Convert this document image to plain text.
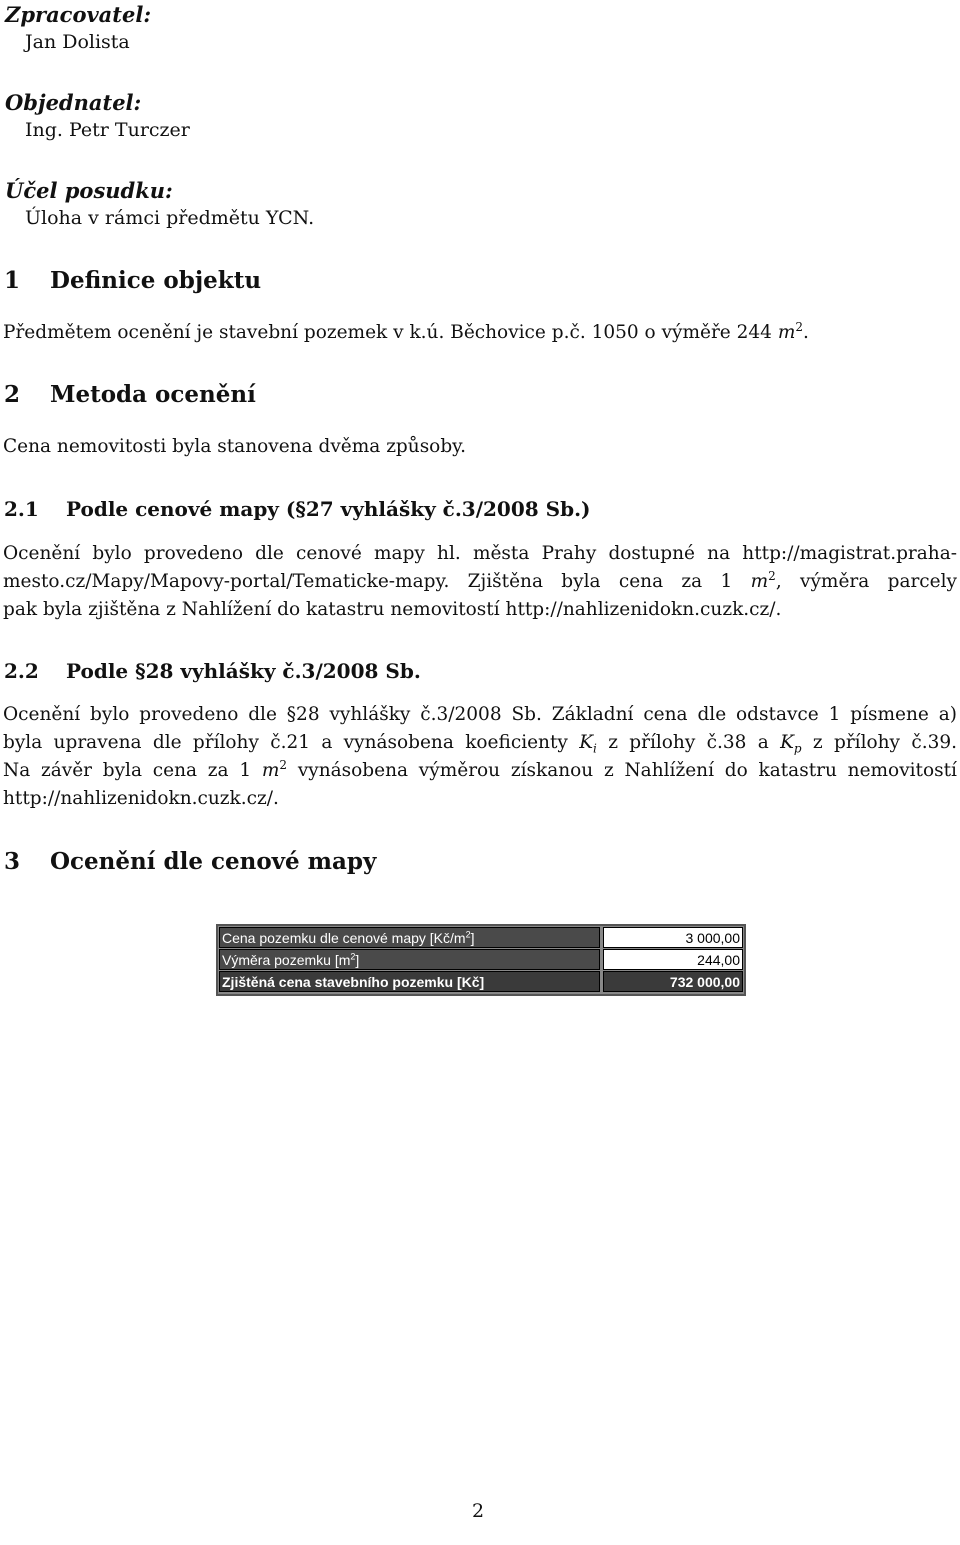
Zpracovatel:
Jan Dolista
Objednatel:
Ing. Petr Turczer
Účel posudku:
Úloha v rámci předmětu YCN.
1 Definice objektu
Předmětem ocenění je stavební pozemek v k.ú. Běchovice p.č. 1050 o výměře 244 $m^2$.
2 Metoda ocenění
Cena nemovitosti byla stanovena dvěma způsoby.
2.1 Podle cenové mapy (§27 vyhlášky č.3/2008 Sb.)
Ocenění bylo provedeno dle cenové mapy hl. města Prahy dostupné na http://magistrat.praha-
mesto.cz/Mapy/Mapovy-portal/Tematicke-mapy. Zjištěna byla cena za 1 $m^2$, výměra parcely
pak byla zjištěna z Nahlížení do katastru nemovitostí http://nahlizenidokn.cuzk.cz/.
2.2 Podle §28 vyhlášky č.3/2008 Sb.
Ocenění bylo provedeno dle §28 vyhlášky č.3/2008 Sb. Základní cena dle odstavce 1 písmene a)
byla upravena dle přílohy č.21 a vynásobena koeficienty $K_i$ z přílohy č.38 a $K_p$ z přílohy č.39.
Na závěr byla cena za 1 $m^2$ vynásobena výměrou získanou z Nahlížení do katastru nemovitostí
http://nahlizenidokn.cuzk.cz/.
3 Ocenění dle cenové mapy
Cena pozemku dle cenové mapy $[Kč/m^2]$	3 000,00
Výměra pozemku $[m^2]$	244,00
Zjištěná cena stavebního pozemku [Kč]	732 000,00
2
